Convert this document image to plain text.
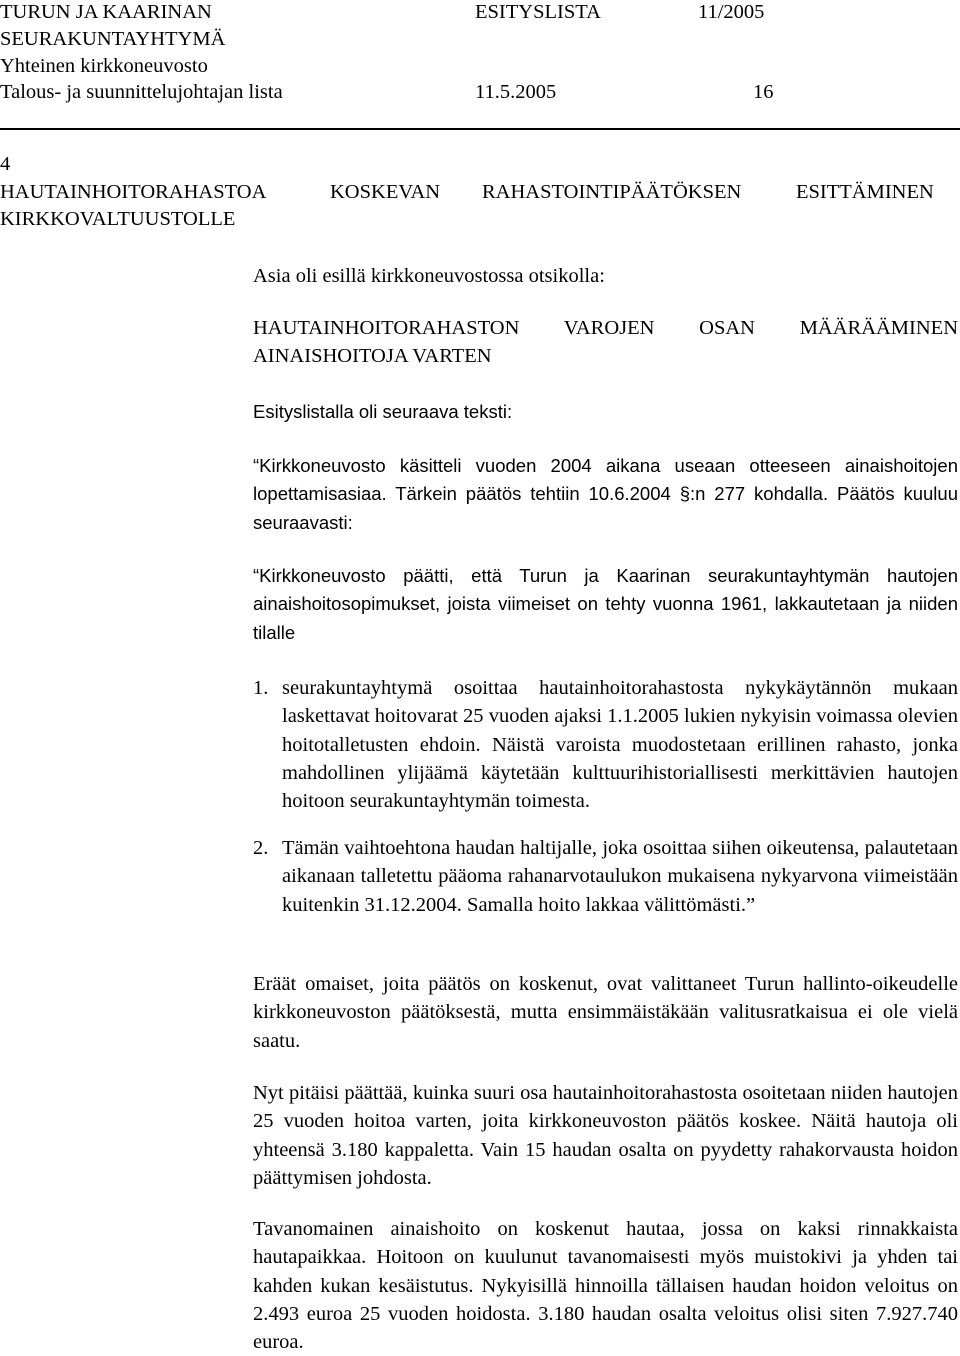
TURUN JA KAARINAN
SEURAKUNTAYHTYMÄ
Yhteinen kirkkoneuvosto
Talous- ja suunnittelujohtajan lista
ESITYSLISTA	11/2005
11.5.2005	16
4
HAUTAINHOITORAHASTOA	KOSKEVAN RAHASTOINTIPÄÄTÖKSEN	ESITTÄMINEN
KIRKKOVALTUUSTOLLE

Asia oli esillä kirkkoneuvostossa otsikolla:

HAUTAINHOITORAHASTON VAROJEN OSAN MÄÄRÄÄMINEN AINAISHOITOJA VARTEN

Esityslistalla oli seuraava teksti:

“Kirkkoneuvosto käsitteli vuoden 2004 aikana useaan otteeseen ainaishoitojen lopettamisasiaa. Tärkein päätös tehtiin 10.6.2004 §:n 277 kohdalla. Päätös kuuluu seuraavasti:

“Kirkkoneuvosto päätti, että Turun ja Kaarinan seurakuntayhtymän hautojen ainaishoitosopimukset, joista viimeiset on tehty vuonna 1961, lakkautetaan ja niiden tilalle

1. seurakuntayhtymä osoittaa hautainhoitorahastosta nykykäytännön mukaan laskettavat hoitovarat 25 vuoden ajaksi 1.1.2005 lukien nykyisin voimassa olevien hoitotalletusten ehdoin. Näistä varoista muodostetaan erillinen rahasto, jonka mahdollinen ylijäämä käytetään kulttuurihistoriallisesti merkittävien hautojen hoitoon seurakuntayhtymän toimesta.
2. Tämän vaihtoehtona haudan haltijalle, joka osoittaa siihen oikeutensa, palautetaan aikanaan talletettu pääoma rahanarvotaulukon mukaisena nykyarvona viimeistään kuitenkin 31.12.2004. Samalla hoito lakkaa välittömästi.”

Eräät omaiset, joita päätös on koskenut, ovat valittaneet Turun hallinto-oikeudelle kirkkoneuvoston päätöksestä, mutta ensimmäistäkään valitusratkaisua ei ole vielä saatu.

Nyt pitäisi päättää, kuinka suuri osa hautainhoitorahastosta osoitetaan niiden hautojen 25 vuoden hoitoa varten, joita kirkkoneuvoston päätös koskee. Näitä hautoja oli yhteensä 3.180 kappaletta. Vain 15 haudan osalta on pyydetty rahakorvausta hoidon päättymisen johdosta.

Tavanomainen ainaishoito on koskenut hautaa, jossa on kaksi rinnakkaista hautapaikkaa. Hoitoon on kuulunut tavanomaisesti myös muistokivi ja yhden tai kahden kukan kesäistutus. Nykyisillä hinnoilla tällaisen haudan hoidon veloitus on 2.493 euroa 25 vuoden hoidosta. 3.180 haudan osalta veloitus olisi siten 7.927.740 euroa.
